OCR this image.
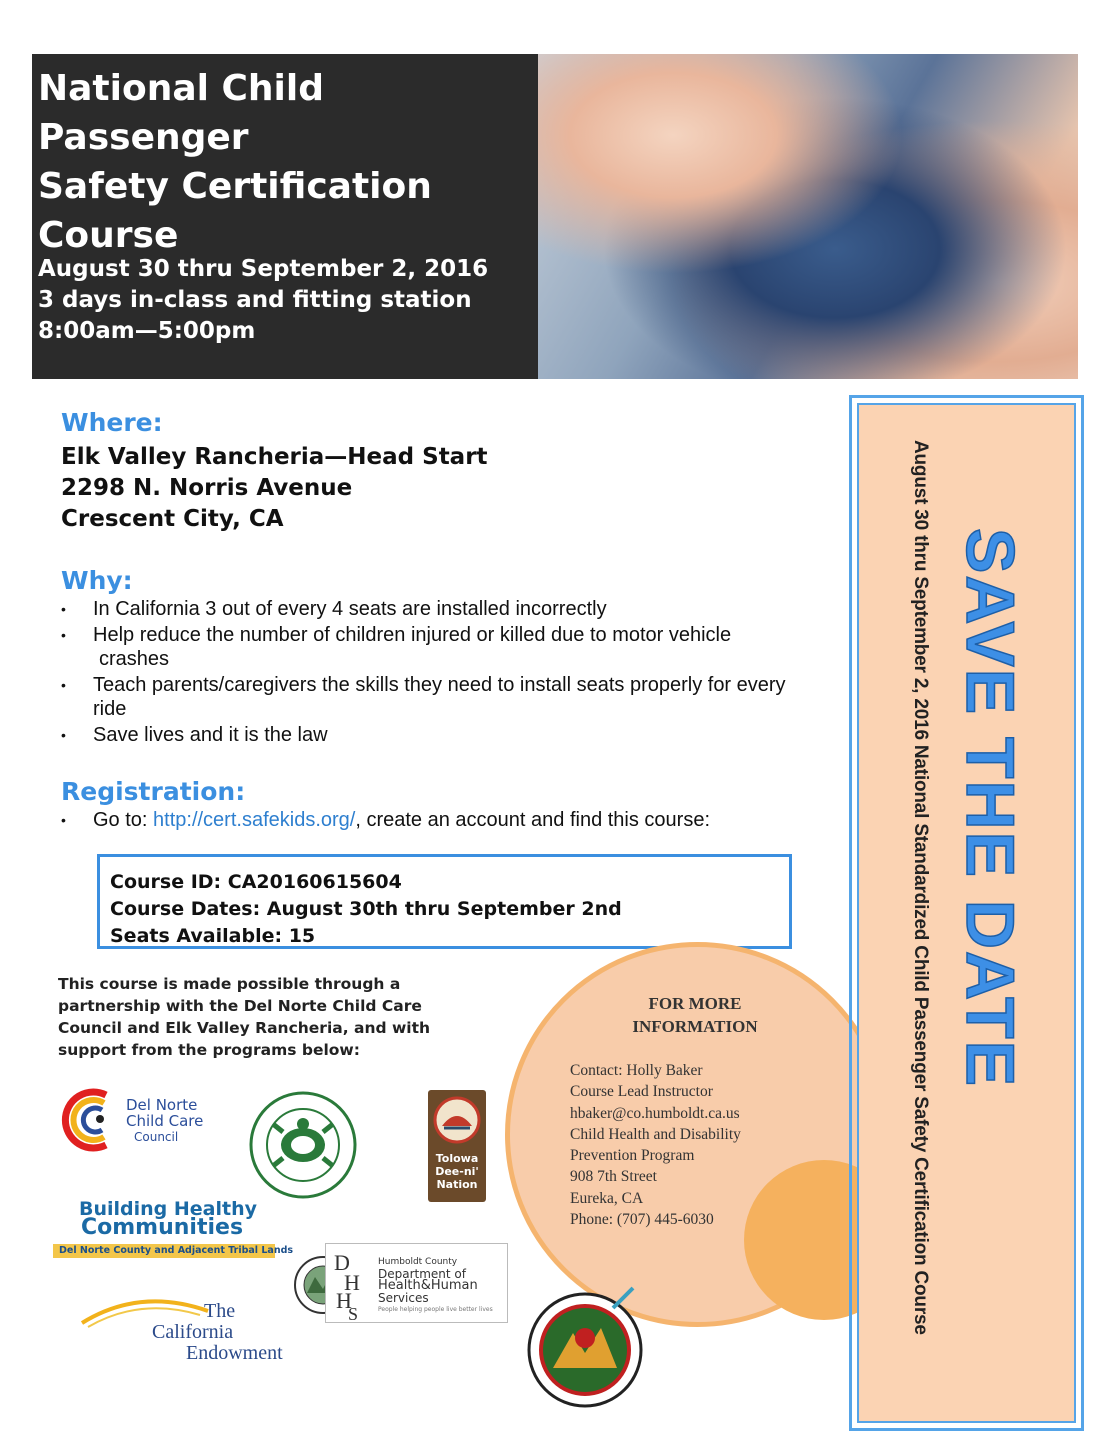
National Child
Passenger
Safety Certification
Course
August 30 thru September 2, 2016
3 days in-class and fitting station
8:00am—5:00pm
Where:
Elk Valley Rancheria—Head Start
2298 N. Norris Avenue
Crescent City, CA
Why:
• In California 3 out of every 4 seats are installed incorrectly
• Help reduce the number of children injured or killed due to motor vehicle crashes
• Teach parents/caregivers the skills they need to install seats properly for every ride
• Save lives and it is the law
Registration:
• Go to: http://cert.safekids.org/, create an account and find this course:
Course ID: CA20160615604
Course Dates: August 30th thru September 2nd
Seats Available: 15
This course is made possible through a partnership with the Del Norte Child Care Council and Elk Valley Rancheria, and with support from the programs below:
FOR MORE
INFORMATION
Contact: Holly Baker
Course Lead Instructor
hbaker@co.humboldt.ca.us
Child Health and Disability
Prevention Program
908 7th Street
Eureka, CA
Phone: (707) 445-6030	August 30 thru September 2, 2016 National Standardized Child Passenger Safety Certification Course SAVE THE DATE
Del Norte
Child Care
Council
Tolowa
Dee-ni'
Nation
Building Healthy
Communities
Del Norte County and Adjacent Tribal Lands D
H
H
S
Humboldt County
Department of
Health&Human
Services
People helping people live better lives
The
California
Endowment
